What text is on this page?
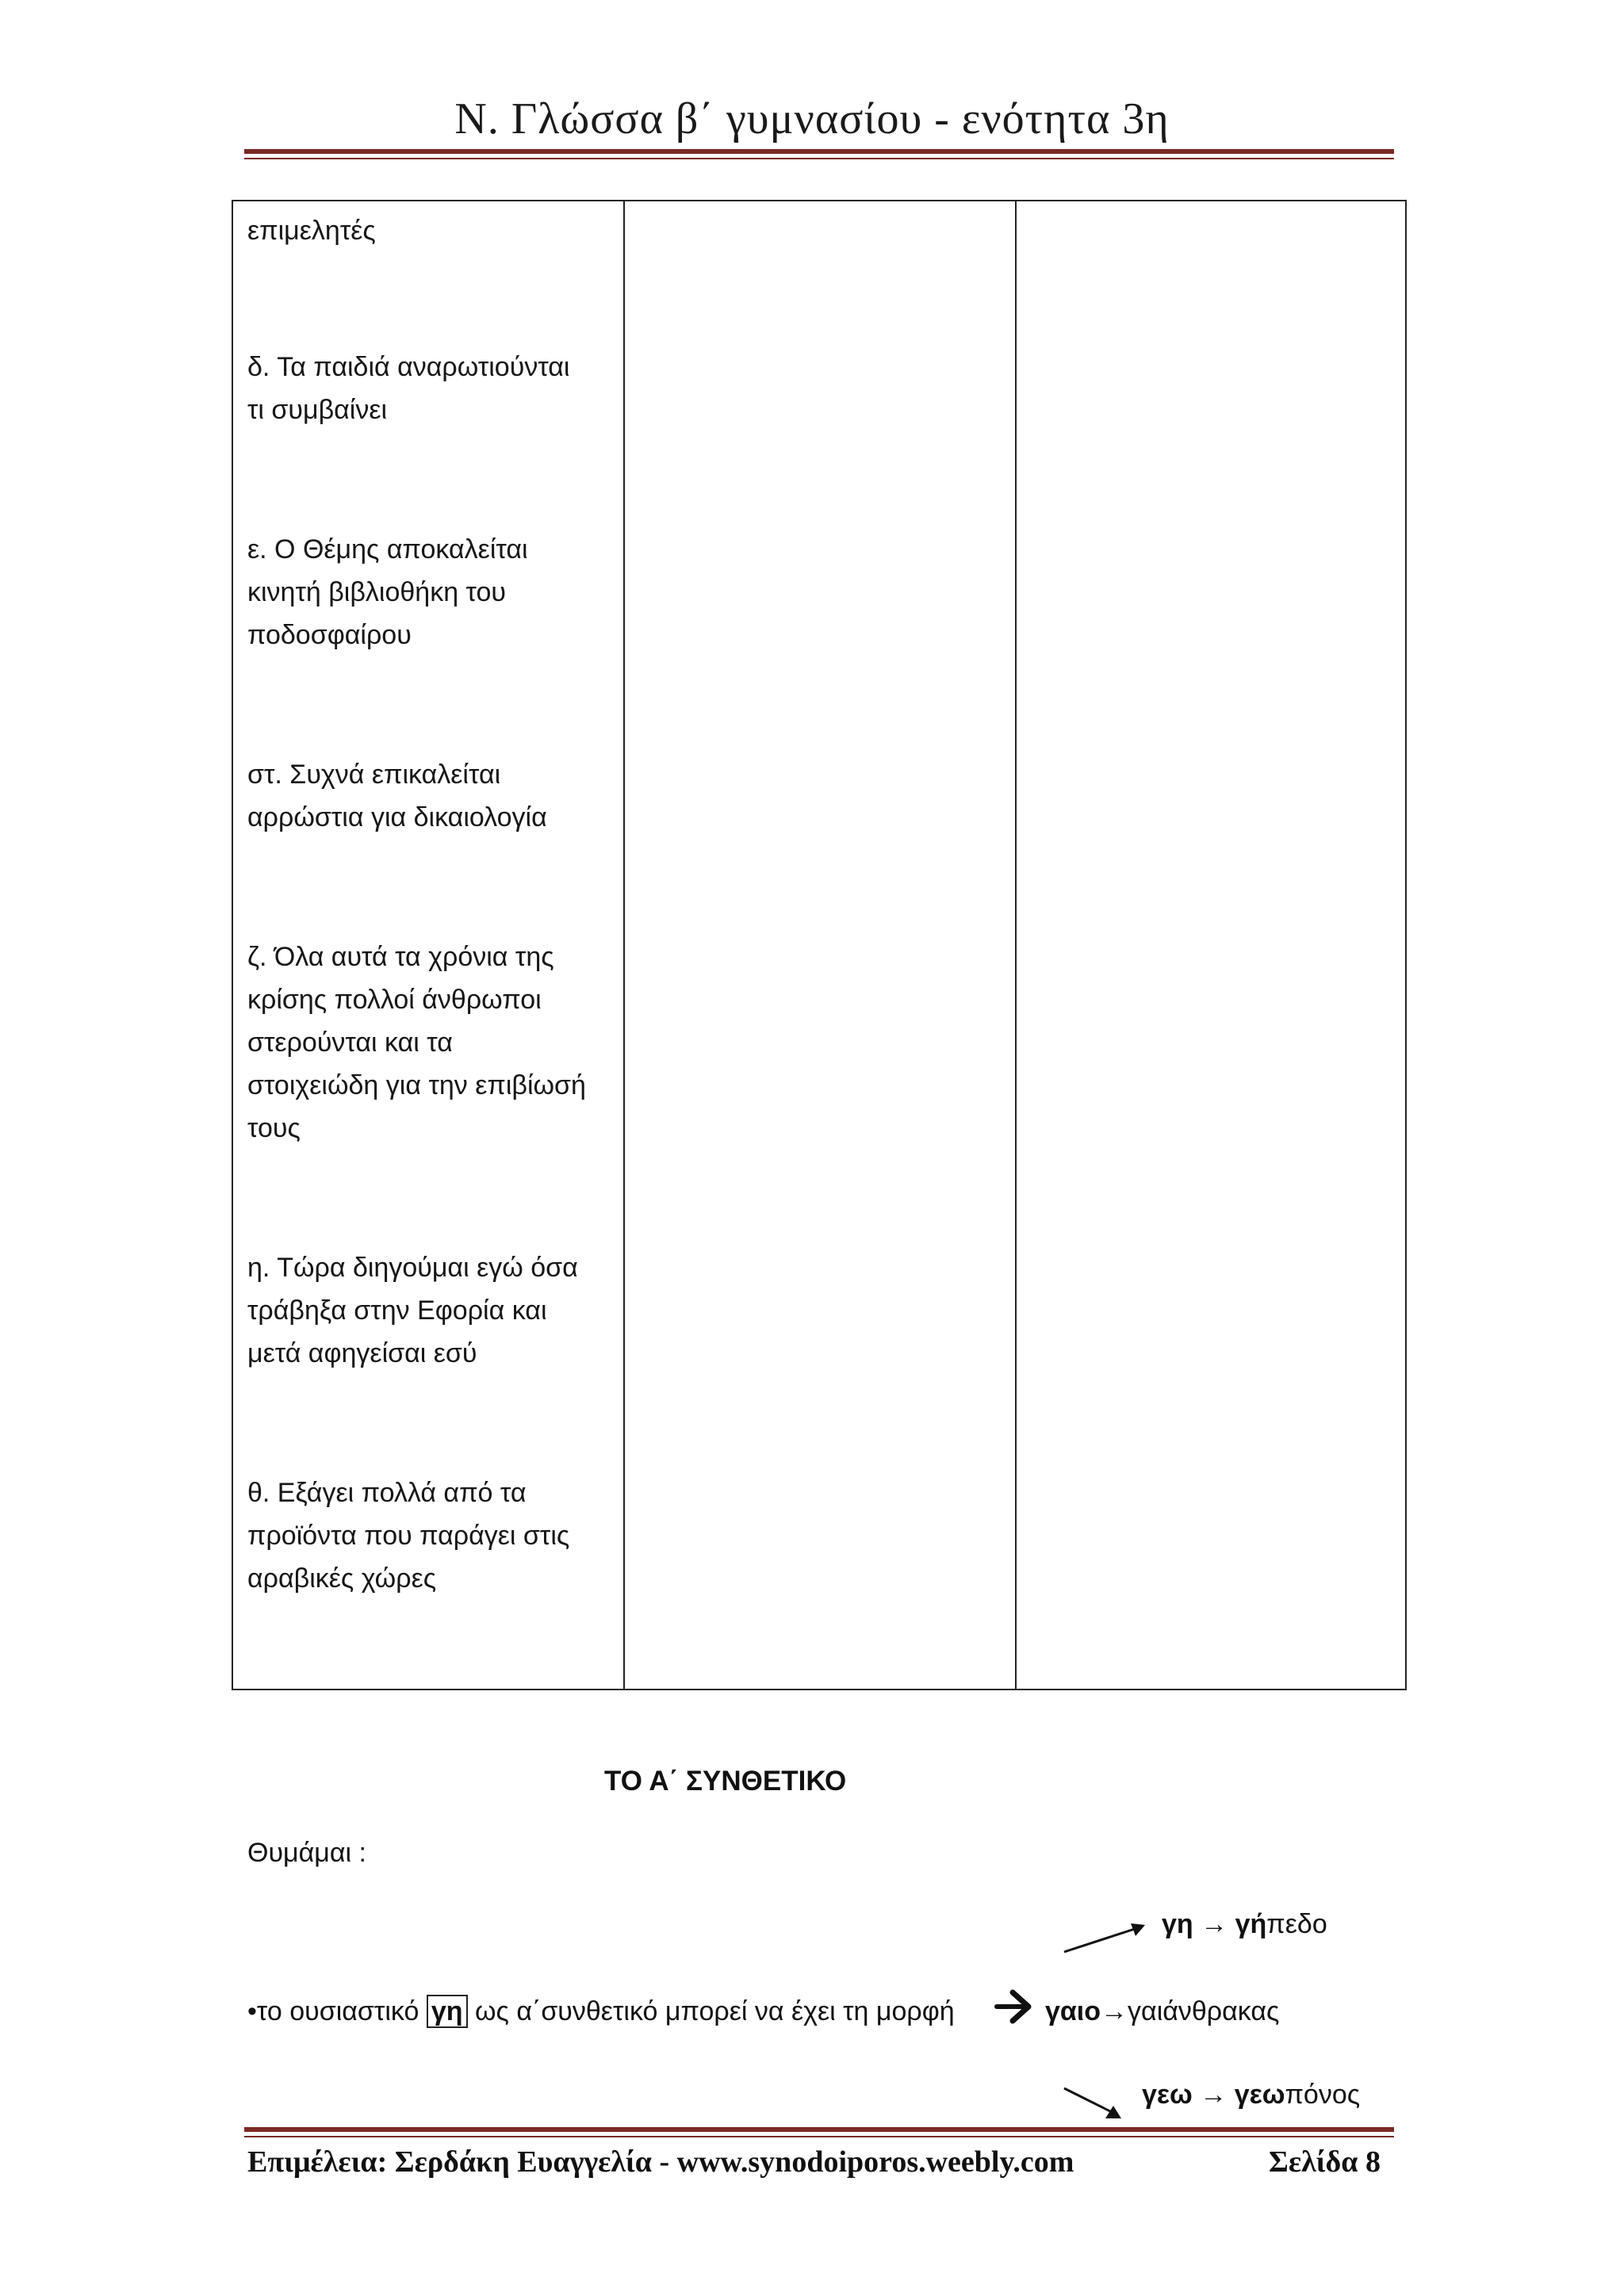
Ν. Γλώσσα β΄ γυμνασίου - ενότητα 3η

επιμελητές

δ. Τα παιδιά αναρωτιούνται
τι συμβαίνει

ε. Ο Θέμης αποκαλείται
κινητή βιβλιοθήκη του
ποδοσφαίρου

στ. Συχνά επικαλείται
αρρώστια για δικαιολογία

ζ. Όλα αυτά τα χρόνια της
κρίσης πολλοί άνθρωποι
στερούνται και τα
στοιχειώδη για την επιβίωσή
τους

η. Τώρα διηγούμαι εγώ όσα
τράβηξα στην Εφορία και
μετά αφηγείσαι εσύ

θ. Εξάγει πολλά από τα
προϊόντα που παράγει στις
αραβικές χώρες

ΤΟ Α΄ ΣΥΝΘΕΤΙΚΟ
Θυμάμαι :
•το ουσιαστικό γη ως α΄συνθετικό μπορεί να έχει τη μορφή
γη → γήπεδο
γαιο→γαιάνθρακας
γεω → γεωπόνος
Επιμέλεια: Σερδάκη Ευαγγελία - www.synodoiporos.weebly.com	Σελίδα 8
